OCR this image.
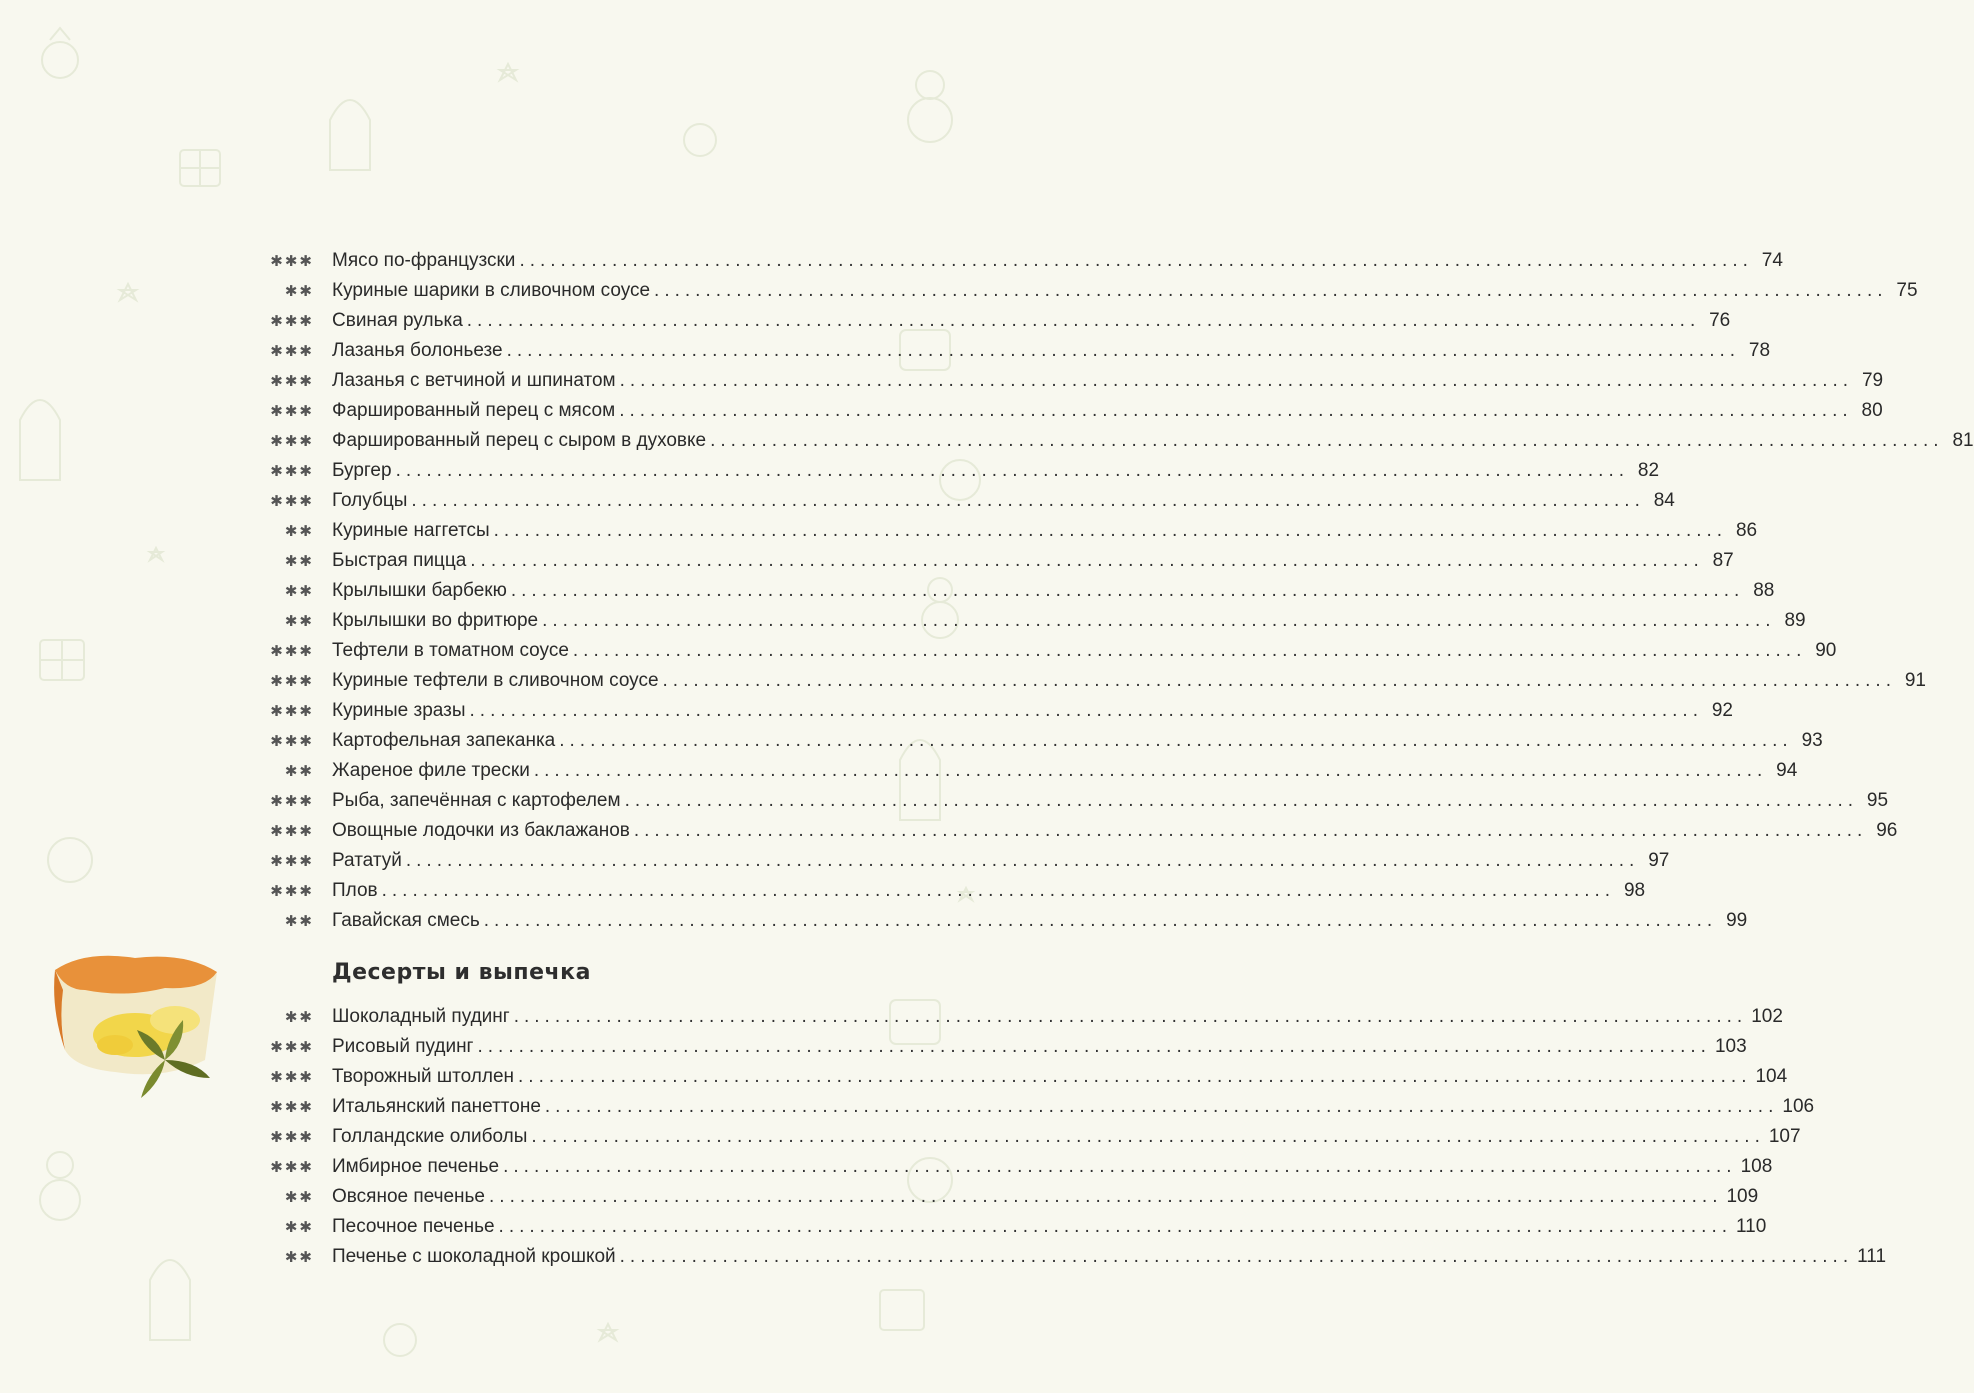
✱✱✱ Мясо по-французски ........................................................................................................................ 74
✱✱ Куриные шарики в сливочном соусе ........................................................................................................................ 75
✱✱✱ Свиная рулька ........................................................................................................................ 76
✱✱✱ Лазанья болоньезе ........................................................................................................................ 78
✱✱✱ Лазанья с ветчиной и шпинатом ........................................................................................................................ 79
✱✱✱ Фаршированный перец с мясом ........................................................................................................................ 80
✱✱✱ Фаршированный перец с сыром в духовке ........................................................................................................................ 81
✱✱✱ Бургер ........................................................................................................................ 82
✱✱✱ Голубцы ........................................................................................................................ 84
✱✱ Куриные наггетсы ........................................................................................................................ 86
✱✱ Быстрая пицца ........................................................................................................................ 87
✱✱ Крылышки барбекю ........................................................................................................................ 88
✱✱ Крылышки во фритюре ........................................................................................................................ 89
✱✱✱ Тефтели в томатном соусе ........................................................................................................................ 90
✱✱✱ Куриные тефтели в сливочном соусе ........................................................................................................................ 91
✱✱✱ Куриные зразы ........................................................................................................................ 92
✱✱✱ Картофельная запеканка ........................................................................................................................ 93
✱✱ Жареное филе трески ........................................................................................................................ 94
✱✱✱ Рыба, запечённая с картофелем ........................................................................................................................ 95
✱✱✱ Овощные лодочки из баклажанов ........................................................................................................................ 96
✱✱✱ Рататуй ........................................................................................................................ 97
✱✱✱ Плов ........................................................................................................................ 98
✱✱ Гавайская смесь ........................................................................................................................ 99
Десерты и выпечка
✱✱ Шоколадный пудинг ........................................................................................................................ 102
✱✱✱ Рисовый пудинг ........................................................................................................................ 103
✱✱✱ Творожный штоллен ........................................................................................................................ 104
✱✱✱ Итальянский панеттоне ........................................................................................................................ 106
✱✱✱ Голландские олиболы ........................................................................................................................ 107
✱✱✱ Имбирное печенье ........................................................................................................................ 108
✱✱ Овсяное печенье ........................................................................................................................ 109
✱✱ Песочное печенье ........................................................................................................................ 110
✱✱ Печенье с шоколадной крошкой ........................................................................................................................ 111
